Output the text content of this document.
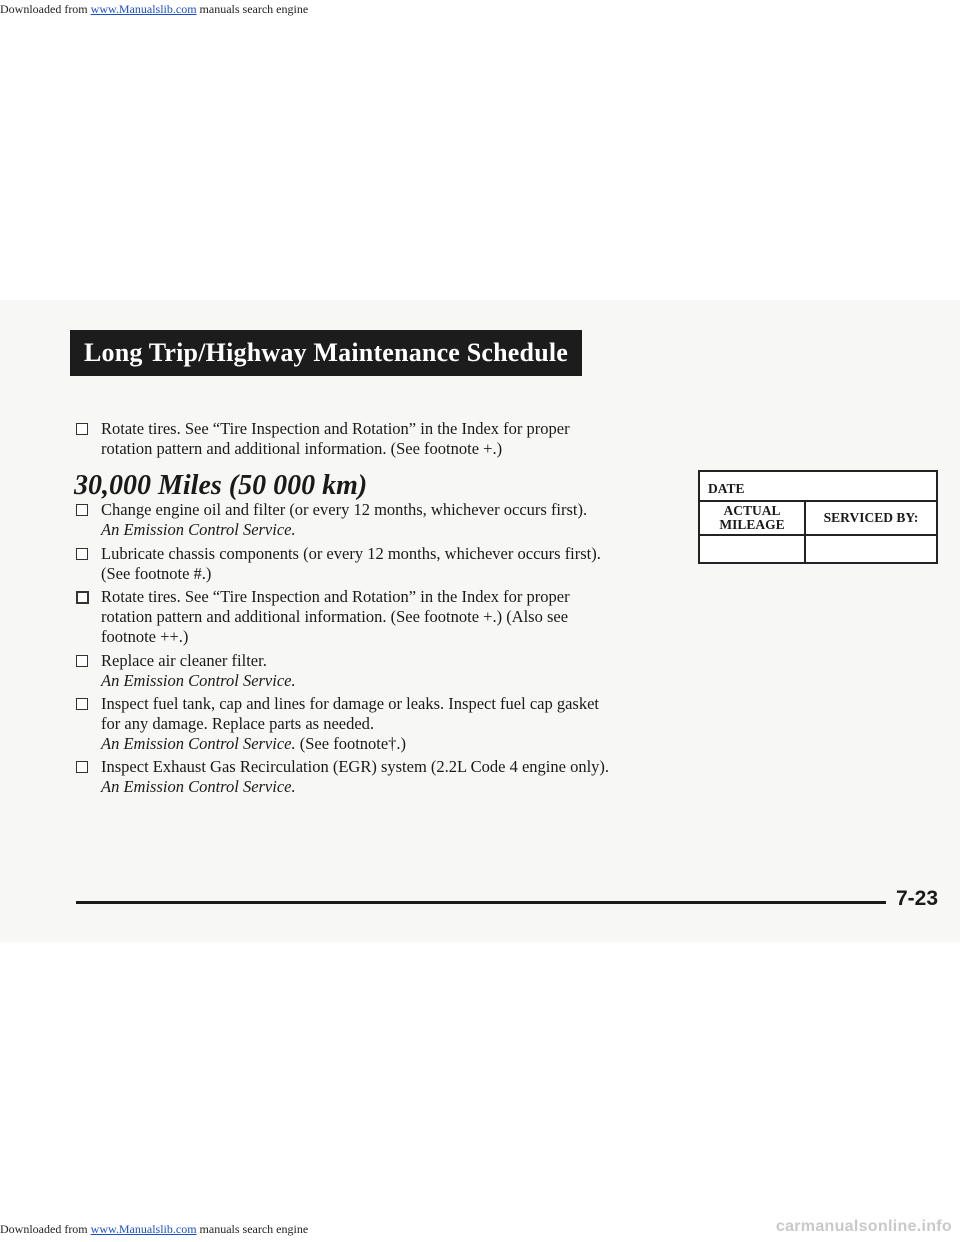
Downloaded from www.Manualslib.com manuals search engine
Long Trip/Highway Maintenance Schedule
Rotate tires. See “Tire Inspection and Rotation” in the Index for proper
rotation pattern and additional information. (See footnote +.)
30,000 Miles (50 000 km)
Change engine oil and filter (or every 12 months, whichever occurs first).
An Emission Control Service.
Lubricate chassis components (or every 12 months, whichever occurs first).
(See footnote #.)
Rotate tires. See “Tire Inspection and Rotation” in the Index for proper
rotation pattern and additional information. (See footnote +.) (Also see
footnote ++.)
Replace air cleaner filter.
An Emission Control Service.
Inspect fuel tank, cap and lines for damage or leaks. Inspect fuel cap gasket
for any damage. Replace parts as needed.
An Emission Control Service. (See footnote†.)
Inspect Exhaust Gas Recirculation (EGR) system (2.2L Code 4 engine only).
An Emission Control Service.
DATE
ACTUAL
MILEAGE	SERVICED BY:
7-23
Downloaded from www.Manualslib.com manuals search engine	carmanualsonline.info
